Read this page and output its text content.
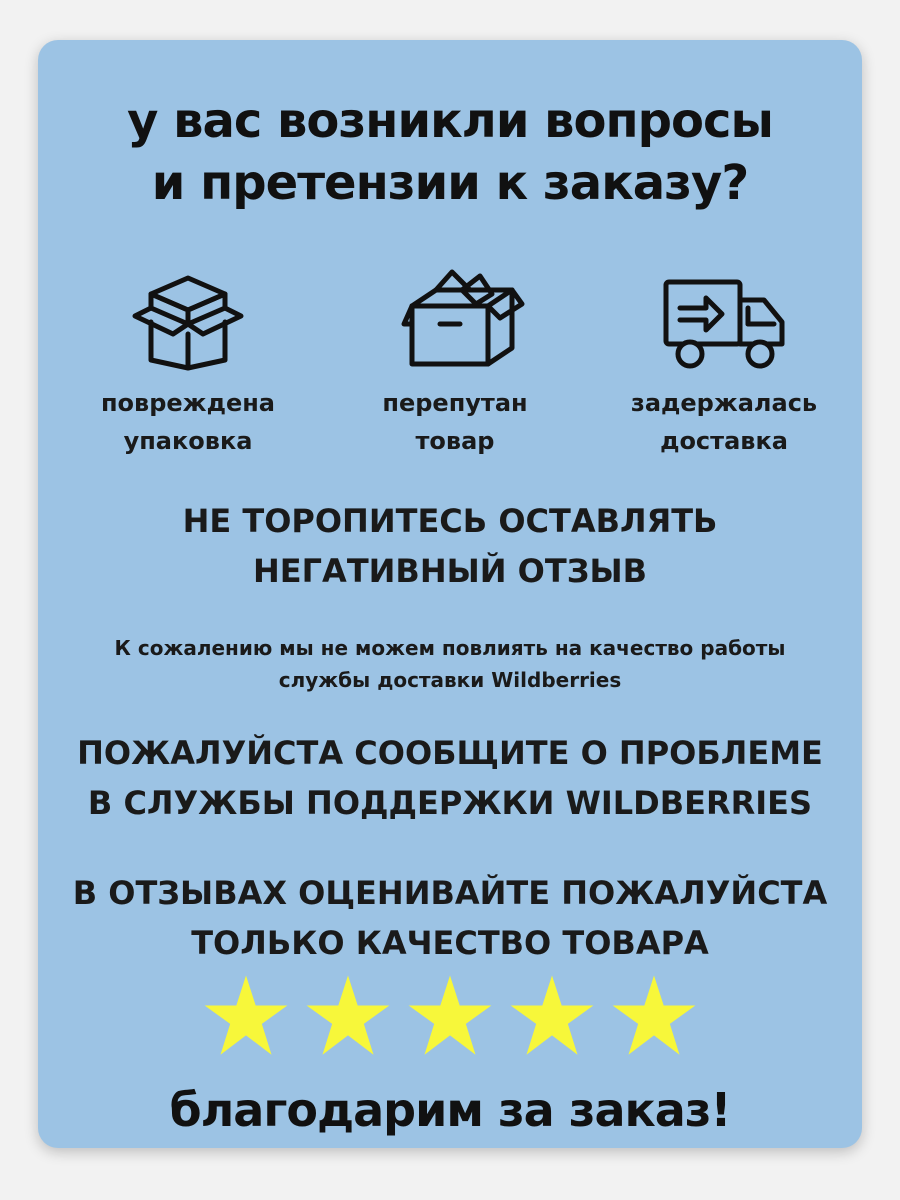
у вас возникли вопросы
и претензии к заказу?
повреждена
упаковка
перепутан
товар
задержалась
доставка
НЕ ТОРОПИТЕСЬ ОСТАВЛЯТЬ
НЕГАТИВНЫЙ ОТЗЫВ
К сожалению мы не можем повлиять на качество работы
службы доставки Wildberries
ПОЖАЛУЙСТА СООБЩИТЕ О ПРОБЛЕМЕ
В СЛУЖБЫ ПОДДЕРЖКИ WILDBERRIES
В ОТЗЫВАХ ОЦЕНИВАЙТЕ ПОЖАЛУЙСТА
ТОЛЬКО КАЧЕСТВО ТОВАРА
благодарим за заказ!
